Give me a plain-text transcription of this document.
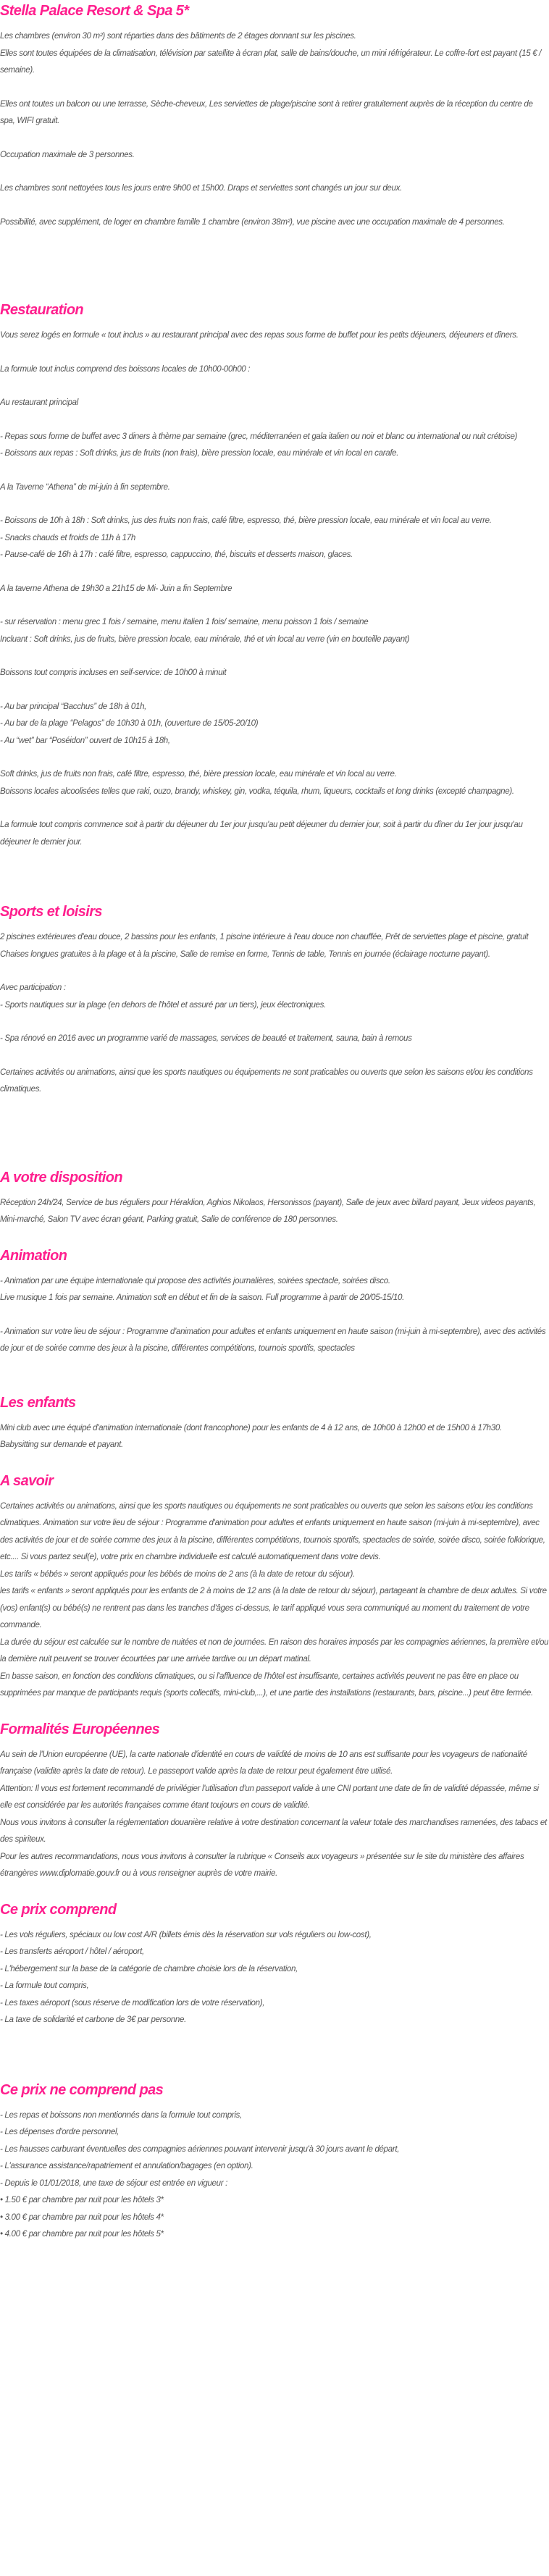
Stella Palace Resort & Spa 5*

Les chambres (environ 30 m²) sont réparties dans des bâtiments de 2 étages donnant sur les piscines.
Elles sont toutes équipées de la climatisation, télévision par satellite à écran plat, salle de bains/douche, un mini réfrigérateur. Le coffre-fort est payant (15 € / semaine).

Elles ont toutes un balcon ou une terrasse, Sèche-cheveux, Les serviettes de plage/piscine sont à retirer gratuitement auprès de la réception du centre de spa, WIFI gratuit.

Occupation maximale de 3 personnes.

Les chambres sont nettoyées tous les jours entre 9h00 et 15h00. Draps et serviettes sont changés un jour sur deux.

Possibilité, avec supplément, de loger en chambre famille 1 chambre (environ 38m²), vue piscine avec une occupation maximale de 4 personnes.

Restauration

Vous serez logés en formule « tout inclus » au restaurant principal avec des repas sous forme de buffet pour les petits déjeuners, déjeuners et dîners.

La formule tout inclus comprend des boissons locales de 10h00-00h00 :

Au restaurant principal

- Repas sous forme de buffet avec 3 diners à thème par semaine (grec, méditerranéen et gala italien ou noir et blanc ou international ou nuit crétoise)
- Boissons aux repas : Soft drinks, jus de fruits (non frais), bière pression locale, eau minérale et vin local en carafe.

A la Taverne “Athena” de mi-juin à fin septembre.

- Boissons de 10h à 18h : Soft drinks, jus des fruits non frais, café filtre, espresso, thé, bière pression locale, eau minérale et vin local au verre.
- Snacks chauds et froids de 11h à 17h
- Pause-café de 16h à 17h : café filtre, espresso, cappuccino, thé, biscuits et desserts maison, glaces.

A la taverne Athena de 19h30 a 21h15 de Mi- Juin a fin Septembre

- sur réservation : menu grec 1 fois / semaine, menu italien 1 fois/ semaine, menu poisson 1 fois / semaine
Incluant : Soft drinks, jus de fruits, bière pression locale, eau minérale, thé et vin local au verre (vin en bouteille payant)

Boissons tout compris incluses en self-service: de 10h00 à minuit

- Au bar principal “Bacchus” de 18h à 01h,
- Au bar de la plage “Pelagos” de 10h30 à 01h, (ouverture de 15/05-20/10)
- Au “wet” bar “Poséidon” ouvert de 10h15 à 18h,

Soft drinks, jus de fruits non frais, café filtre, espresso, thé, bière pression locale, eau minérale et vin local au verre.
Boissons locales alcoolisées telles que raki, ouzo, brandy, whiskey, gin, vodka, téquila, rhum, liqueurs, cocktails et long drinks (excepté champagne).

La formule tout compris commence soit à partir du déjeuner du 1er jour jusqu'au petit déjeuner du dernier jour, soit à partir du dîner du 1er jour jusqu'au déjeuner le dernier jour.

Sports et loisirs

2 piscines extérieures d'eau douce, 2 bassins pour les enfants, 1 piscine intérieure à l'eau douce non chauffée, Prêt de serviettes plage et piscine, gratuit Chaises longues gratuites à la plage et à la piscine, Salle de remise en forme, Tennis de table, Tennis en journée (éclairage nocturne payant).

Avec participation :
- Sports nautiques sur la plage (en dehors de l'hôtel et assuré par un tiers), jeux électroniques.

- Spa rénové en 2016 avec un programme varié de massages, services de beauté et traitement, sauna, bain à remous

Certaines activités ou animations, ainsi que les sports nautiques ou équipements ne sont praticables ou ouverts que selon les saisons et/ou les conditions climatiques.

A votre disposition

Réception 24h/24, Service de bus réguliers pour Héraklion, Aghios Nikolaos, Hersonissos (payant), Salle de jeux avec billard payant, Jeux videos payants, Mini-marché, Salon TV avec écran géant, Parking gratuit, Salle de conférence de 180 personnes.

Animation

- Animation par une équipe internationale qui propose des activités journalières, soirées spectacle, soirées disco.
Live musique 1 fois par semaine. Animation soft en début et fin de la saison. Full programme à partir de 20/05-15/10.

- Animation sur votre lieu de séjour : Programme d'animation pour adultes et enfants uniquement en haute saison (mi-juin à mi-septembre), avec des activités de jour et de soirée comme des jeux à la piscine, différentes compétitions, tournois sportifs, spectacles

Les enfants

Mini club avec une équipé d'animation internationale (dont francophone) pour les enfants de 4 à 12 ans, de 10h00 à 12h00 et de 15h00 à 17h30.
Babysitting sur demande et payant.

A savoir

Certaines activités ou animations, ainsi que les sports nautiques ou équipements ne sont praticables ou ouverts que selon les saisons et/ou les conditions climatiques. Animation sur votre lieu de séjour : Programme d'animation pour adultes et enfants uniquement en haute saison (mi-juin à mi-septembre), avec des activités de jour et de soirée comme des jeux à la piscine, différentes compétitions, tournois sportifs, spectacles de soirée, soirée disco, soirée folklorique, etc.... Si vous partez seul(e), votre prix en chambre individuelle est calculé automatiquement dans votre devis.
Les tarifs « bébés » seront appliqués pour les bébés de moins de 2 ans (à la date de retour du séjour).
les tarifs « enfants » seront appliqués pour les enfants de 2 à moins de 12 ans (à la date de retour du séjour), partageant la chambre de deux adultes. Si votre (vos) enfant(s) ou bébé(s) ne rentrent pas dans les tranches d'âges ci-dessus, le tarif appliqué vous sera communiqué au moment du traitement de votre commande.
La durée du séjour est calculée sur le nombre de nuitées et non de journées. En raison des horaires imposés par les compagnies aériennes, la première et/ou la dernière nuit peuvent se trouver écourtées par une arrivée tardive ou un départ matinal.
En basse saison, en fonction des conditions climatiques, ou si l'affluence de l'hôtel est insuffisante, certaines activités peuvent ne pas être en place ou supprimées par manque de participants requis (sports collectifs, mini-club,...), et une partie des installations (restaurants, bars, piscine...) peut être fermée.

Formalités Européennes

Au sein de l'Union européenne (UE), la carte nationale d'identité en cours de validité de moins de 10 ans est suffisante pour les voyageurs de nationalité française (validite après la date de retour). Le passeport valide après la date de retour peut également être utilisé.
Attention: Il vous est fortement recommandé de privilégier l'utilisation d'un passeport valide à une CNI portant une date de fin de validité dépassée, même si elle est considérée par les autorités françaises comme étant toujours en cours de validité.
Nous vous invitons à consulter la réglementation douanière relative à votre destination concernant la valeur totale des marchandises ramenées, des tabacs et des spiriteux.
Pour les autres recommandations, nous vous invitons à consulter la rubrique « Conseils aux voyageurs » présentée sur le site du ministère des affaires étrangères www.diplomatie.gouv.fr ou à vous renseigner auprès de votre mairie.

Ce prix comprend

- Les vols réguliers, spéciaux ou low cost A/R (billets émis dès la réservation sur vols réguliers ou low-cost),
- Les transferts aéroport / hôtel / aéroport,
- L'hébergement sur la base de la catégorie de chambre choisie lors de la réservation,
- La formule tout compris,
- Les taxes aéroport (sous réserve de modification lors de votre réservation),
- La taxe de solidarité et carbone de 3€ par personne.

Ce prix ne comprend pas

- Les repas et boissons non mentionnés dans la formule tout compris,
- Les dépenses d'ordre personnel,
- Les hausses carburant éventuelles des compagnies aériennes pouvant intervenir jusqu'à 30 jours avant le départ,
- L'assurance assistance/rapatriement et annulation/bagages (en option).
- Depuis le 01/01/2018, une taxe de séjour est entrée en vigueur :
• 1.50 € par chambre par nuit pour les hôtels 3*
• 3.00 € par chambre par nuit pour les hôtels 4*
• 4.00 € par chambre par nuit pour les hôtels 5*
